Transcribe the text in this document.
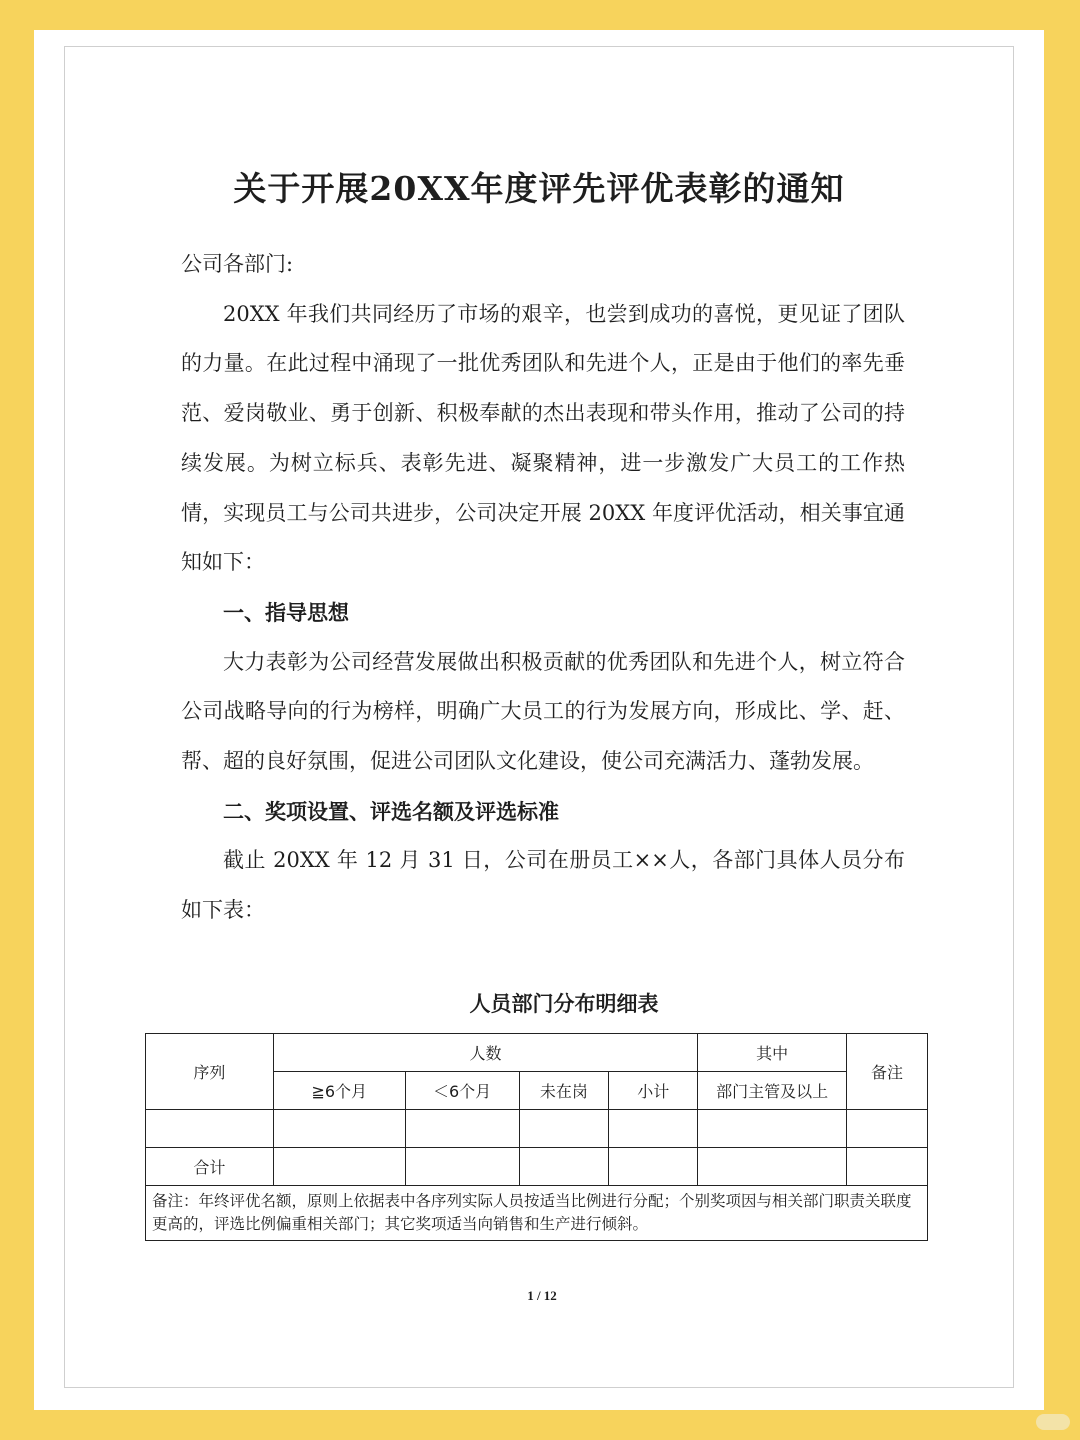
关于开展20XX年度评先评优表彰的通知

公司各部门:

20XX 年我们共同经历了市场的艰辛，也尝到成功的喜悦，更见证了团队的力量。在此过程中涌现了一批优秀团队和先进个人，正是由于他们的率先垂范、爱岗敬业、勇于创新、积极奉献的杰出表现和带头作用，推动了公司的持续发展。为树立标兵、表彰先进、凝聚精神，进一步激发广大员工的工作热情，实现员工与公司共进步，公司决定开展 20XX 年度评优活动，相关事宜通知如下：

一、指导思想

大力表彰为公司经营发展做出积极贡献的优秀团队和先进个人，树立符合公司战略导向的行为榜样，明确广大员工的行为发展方向，形成比、学、赶、帮、超的良好氛围，促进公司团队文化建设，使公司充满活力、蓬勃发展。

二、奖项设置、评选名额及评选标准

截止 20XX 年 12 月 31 日，公司在册员工××人，各部门具体人员分布如下表：

人员部门分布明细表
序列	人数				其中	备注
	≧6个月	＜6个月	未在岗	小计	部门主管及以上	

合计						
备注：年终评优名额，原则上依据表中各序列实际人员按适当比例进行分配；个别奖项因与相关部门职责关联度更高的，评选比例偏重相关部门；其它奖项适当向销售和生产进行倾斜。						
1 / 12
